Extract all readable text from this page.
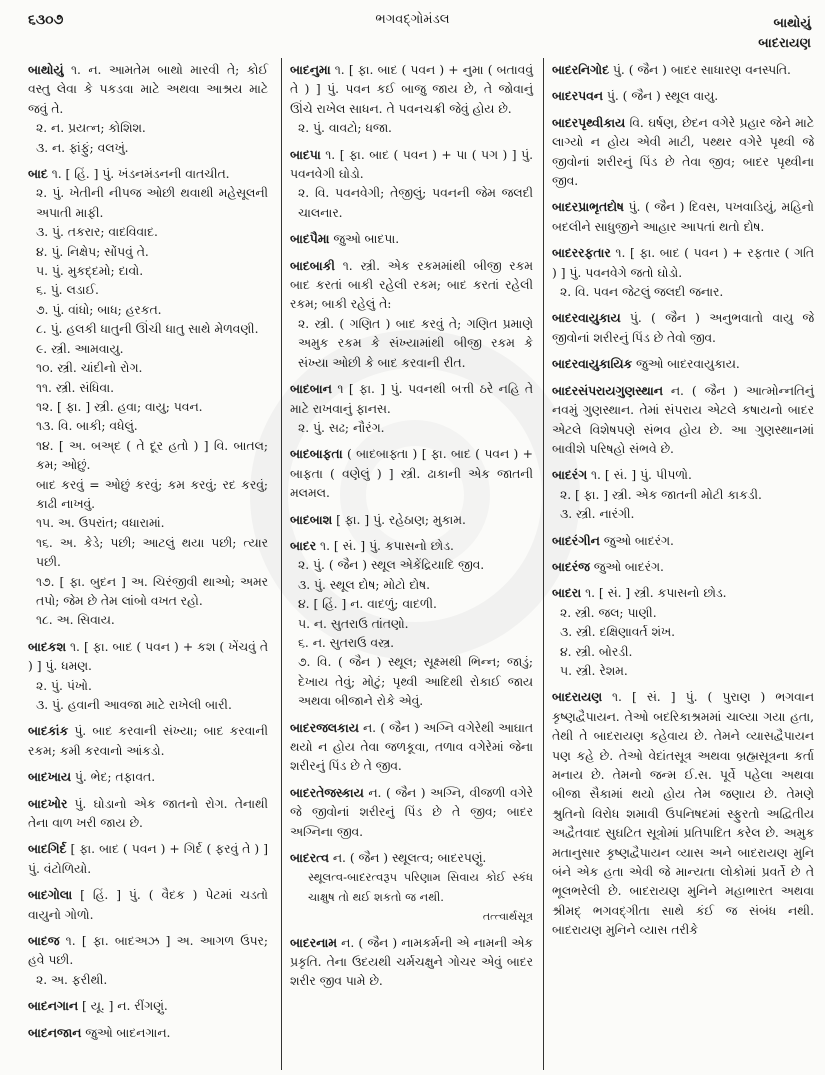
૬૩૦૭	ભગવદ્‌ગોમંડલ	બાથોયું
બાદરાયણ
બાથોયું ૧. ન. આમતેમ બાથો મારવી તે; કોઈ વસ્તુ લેવા કે પકડવા માટે અથવા આશ્રય માટે જવું તે.
૨. ન. પ્રયત્ન; કોશિશ.
૩. ન. ફાંફું; વલખું.
બાદ ૧. [ હિં. ] પું. ખંડનમંડનની વાતચીત.
૨. પું. ખેતીની નીપજ ઓછી થવાથી મહેસૂલની અપાતી માફી.
૩. પું. તકરાર; વાદવિવાદ.
૪. પું. નિક્ષેપ; સોંપવું તે.
૫. પું. મુકદ્દમો; દાવો.
૬. પું. લડાઈ.
૭. પું. વાંધો; બાધ; હરકત.
૮. પું. હલકી ધાતુની ઊંચી ધાતુ સાથે મેળવણી.
૯. સ્ત્રી. આમવાયુ.
૧૦. સ્ત્રી. ચાંદીનો રોગ.
૧૧. સ્ત્રી. સંધિવા.
૧૨. [ ફા. ] સ્ત્રી. હવા; વાયુ; પવન.
૧૩. વિ. બાકી; વધેલું.
૧૪. [ અ. બઅ્દ ( તે દૂર હતો ) ] વિ. બાતલ; કમ; ઓછું.
બાદ કરવું = ઓછું કરવું; કમ કરવું; રદ કરવું; કાઢી નાખવું.
૧૫. અ. ઉપરાંત; વધારામાં.
૧૬. અ. કેડે; પછી; આટલું થયા પછી; ત્યાર પછી.
૧૭. [ ફા. બુદન ] અ. ચિરંજીવી થાઓ; અમર તપો; જેમ છે તેમ લાંબો વખત રહો.
૧૮. અ. સિવાય.
બાદકશ ૧. [ ફા. બાદ ( પવન ) + કશ ( ખેંચવું તે ) ] પું. ધમણ.
૨. પું. પંખો.
૩. પું. હવાની આવજા માટે રાખેલી બારી.
બાદકાંક પું. બાદ કરવાની સંખ્યા; બાદ કરવાની રકમ; કમી કરવાનો આંકડો.
બાદખાય પું. ભેદ; તફાવત.
બાદખોર પું. ઘોડાનો એક જાતનો રોગ. તેનાથી તેના વાળ ખરી જાય છે.
બાદગિર્દ [ ફા. બાદ ( પવન ) + ગિર્દ ( ફરવું તે ) ] પું. વંટોળિયો.
બાદગોલા [ હિં. ] પું. ( વૈદક ) પેટમાં ચડતો વાયુનો ગોળો.
બાદજ ૧. [ ફા. બાદઅઝ ] અ. આગળ ઉપર; હવે પછી.
૨. અ. ફરીથી.
બાદનગાન [ યૂ. ] ન. રીંગણું.
બાદનજાન જુઓ બાદનગાન.
બાદનુમા ૧. [ ફા. બાદ ( પવન ) + નુમા ( બતાવવું તે ) ] પું. પવન કઈ બાજુ જાય છે, તે જોવાનું ઊંચે રાખેલ સાધન. તે પવનચક્રી જેવું હોય છે.
૨. પું. વાવટો; ધજા.
બાદપા ૧. [ ફા. બાદ ( પવન ) + પા ( પગ ) ] પું. પવનવેગી ઘોડો.
૨. વિ. પવનવેગી; તેજીલું; પવનની જેમ જલદી ચાલનાર.
બાદપૈમા જુઓ બાદપા.
બાદબાકી ૧. સ્ત્રી. એક રકમમાંથી બીજી રકમ બાદ કરતાં બાકી રહેલી રકમ; બાદ કરતાં રહેલી રકમ; બાકી રહેલું તે:
૨. સ્ત્રી. ( ગણિત ) બાદ કરવું તે; ગણિત પ્રમાણે અમુક રકમ કે સંખ્યામાંથી બીજી રકમ કે સંખ્યા ઓછી કે બાદ કરવાની રીત.
બાદબાન ૧ [ ફા. ] પું. પવનથી બત્તી ઠરે નહિ તે માટે રાખવાનું ફાનસ.
૨. પું. સઢ; નૌરંગ.
બાદબાફતા ( બાદબાફ્તા ) [ ફા. બાદ ( પવન ) + બાફતા ( વણેલું ) ] સ્ત્રી. ઢાકાની એક જાતની મલમલ.
બાદબાશ [ ફા. ] પું. રહેઠાણ; મુકામ.
બાદર ૧. [ સં. ] પું. કપાસનો છોડ.
૨. પું. ( જૈન ) સ્થૂલ એકેંદ્રિયાદિ જીવ.
૩. પું. સ્થૂલ દોષ; મોટો દોષ.
૪. [ હિં. ] ન. વાદળું; વાદળી.
૫. ન. સુતરાઉ તાંતણો.
૬. ન. સુતરાઉ વસ્ત્ર.
૭. વિ. ( જૈન ) સ્થૂલ; સૂક્ષ્મથી ભિન્ન; જાડું; દેખાય તેવું; મોટું; પૃથ્વી આદિથી રોકાઈ જાય અથવા બીજાને રોકે એવું.
બાદરજલકાય ન. ( જૈન ) અગ્નિ વગેરેથી આઘાત થયો ન હોય તેવા જળકૂવા, તળાવ વગેરેમાં જેના શરીરનું પિંડ છે તે જીવ.
બાદરતેજસ્કાય ન. ( જૈન ) અગ્નિ, વીજળી વગેરે જે જીવોનાં શરીરનું પિંડ છે તે જીવ; બાદર અગ્નિના જીવ.
બાદરત્વ ન. ( જૈન ) સ્થૂલત્વ; બાદરપણું.
સ્થૂલત્વ-બાદરત્વરૂપ પરિણામ સિવાય કોઈ સ્કંધ ચાક્ષુષ તો થઈ શકતો જ નથી.
તત્ત્વાર્થસૂત્ર
બાદરનામ ન. ( જૈન ) નામકર્મની એ નામની એક પ્રકૃતિ. તેના ઉદયથી ચર્મચક્ષુને ગોચર એવું બાદર શરીર જીવ પામે છે.
બાદરનિગોદ પું. ( જૈન ) બાદર સાધારણ વનસ્પતિ.
બાદરપવન પું. ( જૈન ) સ્થૂલ વાયુ.
બાદરપૃથ્વીકાય વિ. ઘર્ષણ, છેદન વગેરે પ્રહાર જેને માટે લાગ્યો ન હોય એવી માટી, પથ્થર વગેરે પૃથ્વી જે જીવોનાં શરીરનું પિંડ છે તેવા જીવ; બાદર પૃથ્વીના જીવ.
બાદરપ્રાભૃતદોષ પું. ( જૈન ) દિવસ, પખવાડિયું, મહિનો બદલીને સાધુજીને આહાર આપતાં થતો દોષ.
બાદરરફતાર ૧. [ ફા. બાદ ( પવન ) + રફતાર ( ગતિ ) ] પું. પવનવેગે જતો ઘોડો.
૨. વિ. પવન જેટલું જલદી જનાર.
બાદરવાયુકાય પું. ( જૈન ) અનુભવાતો વાયુ જે જીવોનાં શરીરનું પિંડ છે તેવો જીવ.
બાદરવાયુકાયિક જુઓ બાદરવાયુકાય.
બાદરસંપરાયગુણસ્થાન ન. ( જૈન ) આત્મોન્નતિનું નવમું ગુણસ્થાન. તેમાં સંપરાય એટલે કષાયનો બાદર એટલે વિશેષપણે સંભવ હોય છે. આ ગુણસ્થાનમાં બાવીશે પરિષહો સંભવે છે.
બાદરંગ ૧. [ સં. ] પું. પીપળો.
૨. [ ફા. ] સ્ત્રી. એક જાતની મોટી કાકડી.
૩. સ્ત્રી. નારંગી.
બાદરંગીન જુઓ બાદરંગ.
બાદરંજ જુઓ બાદરંગ.
બાદરા ૧. [ સં. ] સ્ત્રી. કપાસનો છોડ.
૨. સ્ત્રી. જલ; પાણી.
૩. સ્ત્રી. દક્ષિણાવર્ત શંખ.
૪. સ્ત્રી. બોરડી.
૫. સ્ત્રી. રેશમ.
બાદરાયણ ૧. [ સં. ] પું. ( પુરાણ ) ભગવાન કૃષ્ણદ્વૈપાયન. તેઓ બદરિકાશ્રમમાં ચાલ્યા ગયા હતા, તેથી તે બાદરાયણ કહેવાય છે. તેમને વ્યાસદ્વૈપાયન પણ કહે છે. તેઓ વેદાંતસૂત્ર અથવા બ્રહ્મસૂત્રના કર્તા મનાય છે. તેમનો જન્મ ઈ.સ. પૂર્વે પહેલા અથવા બીજા સૈકામાં થયો હોય તેમ જણાય છે. તેમણે શ્રુતિનો વિરોધ શમાવી ઉપનિષદમાં સ્ફુરતો અદ્વિતીય અદ્વૈતવાદ સુઘટિત સૂત્રોમાં પ્રતિપાદિત કરેલ છે. અમુક મતાનુસાર કૃષ્ણદ્વૈપાયન વ્યાસ અને બાદરાયણ મુનિ બંને એક હતા એવી જે માન્યતા લોકોમાં પ્રવર્તે છે તે ભૂલભરેલી છે. બાદરાયણ મુનિને મહાભારત અથવા શ્રીમદ્ ભગવદ્‌ગીતા સાથે કંઈ જ સંબંધ નથી. બાદરાયણ મુનિને વ્યાસ તરીકે
